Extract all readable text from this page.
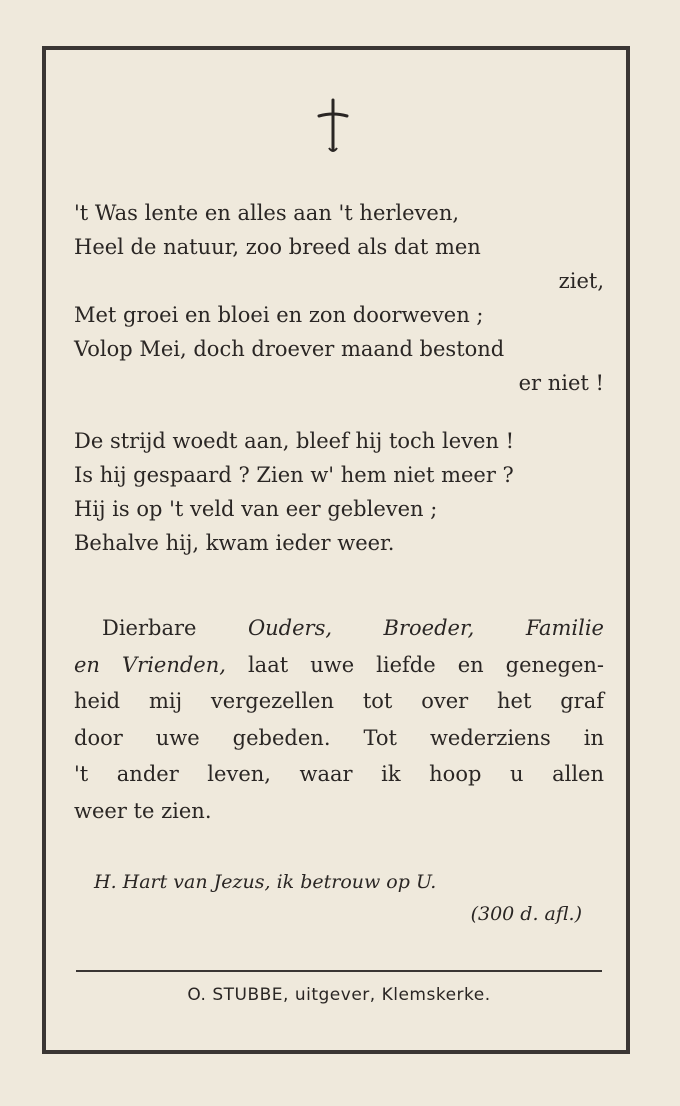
't Was lente en alles aan 't herleven,
Heel de natuur, zoo breed als dat men
ziet,
Met groei en bloei en zon doorweven ;
Volop Mei, doch droever maand bestond
er niet !
De strijd woedt aan, bleef hij toch leven !
Is hij gespaard ? Zien w' hem niet meer ?
Hij is op 't veld van eer gebleven ;
Behalve hij, kwam ieder weer.
Dierbare Ouders, Broeder, Familie
en Vrienden, laat uwe liefde en genegen-
heid mij vergezellen tot over het graf
door uwe gebeden. Tot wederziens in
't ander leven, waar ik hoop u allen
weer te zien.
H. Hart van Jezus, ik betrouw op U.
(300 d. afl.)
O. STUBBE, uitgever, Klemskerke.
